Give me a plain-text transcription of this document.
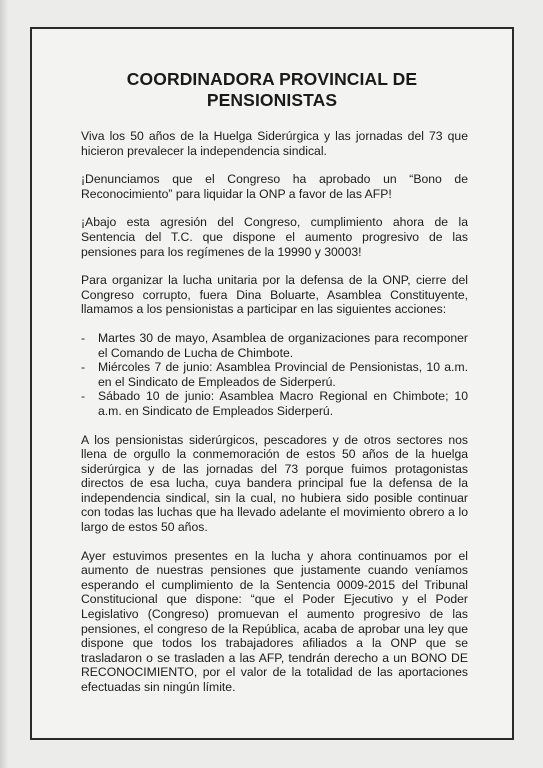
COORDINADORA PROVINCIAL DE
PENSIONISTAS

Viva los 50 años de la Huelga Siderúrgica y las jornadas del 73 que hicieron prevalecer la independencia sindical.

¡Denunciamos que el Congreso ha aprobado un “Bono de Reconocimiento” para liquidar la ONP a favor de las AFP!

¡Abajo esta agresión del Congreso, cumplimiento ahora de la Sentencia del T.C. que dispone el aumento progresivo de las pensiones para los regímenes de la 19990 y 30003!

Para organizar la lucha unitaria por la defensa de la ONP, cierre del Congreso corrupto, fuera Dina Boluarte, Asamblea Constituyente, llamamos a los pensionistas a participar en las siguientes acciones:

- Martes 30 de mayo, Asamblea de organizaciones para recomponer el Comando de Lucha de Chimbote.
- Miércoles 7 de junio: Asamblea Provincial de Pensionistas, 10 a.m. en el Sindicato de Empleados de Siderperú.
- Sábado 10 de junio: Asamblea Macro Regional en Chimbote; 10 a.m. en Sindicato de Empleados Siderperú.

A los pensionistas siderúrgicos, pescadores y de otros sectores nos llena de orgullo la conmemoración de estos 50 años de la huelga siderúrgica y de las jornadas del 73 porque fuimos protagonistas directos de esa lucha, cuya bandera principal fue la defensa de la independencia sindical, sin la cual, no hubiera sido posible continuar con todas las luchas que ha llevado adelante el movimiento obrero a lo largo de estos 50 años.

Ayer estuvimos presentes en la lucha y ahora continuamos por el aumento de nuestras pensiones que justamente cuando veníamos esperando el cumplimiento de la Sentencia 0009-2015 del Tribunal Constitucional que dispone: “que el Poder Ejecutivo y el Poder Legislativo (Congreso) promuevan el aumento progresivo de las pensiones, el congreso de la República, acaba de aprobar una ley que dispone que todos los trabajadores afiliados a la ONP que se trasladaron o se trasladen a las AFP, tendrán derecho a un BONO DE RECONOCIMIENTO, por el valor de la totalidad de las aportaciones efectuadas sin ningún límite.
